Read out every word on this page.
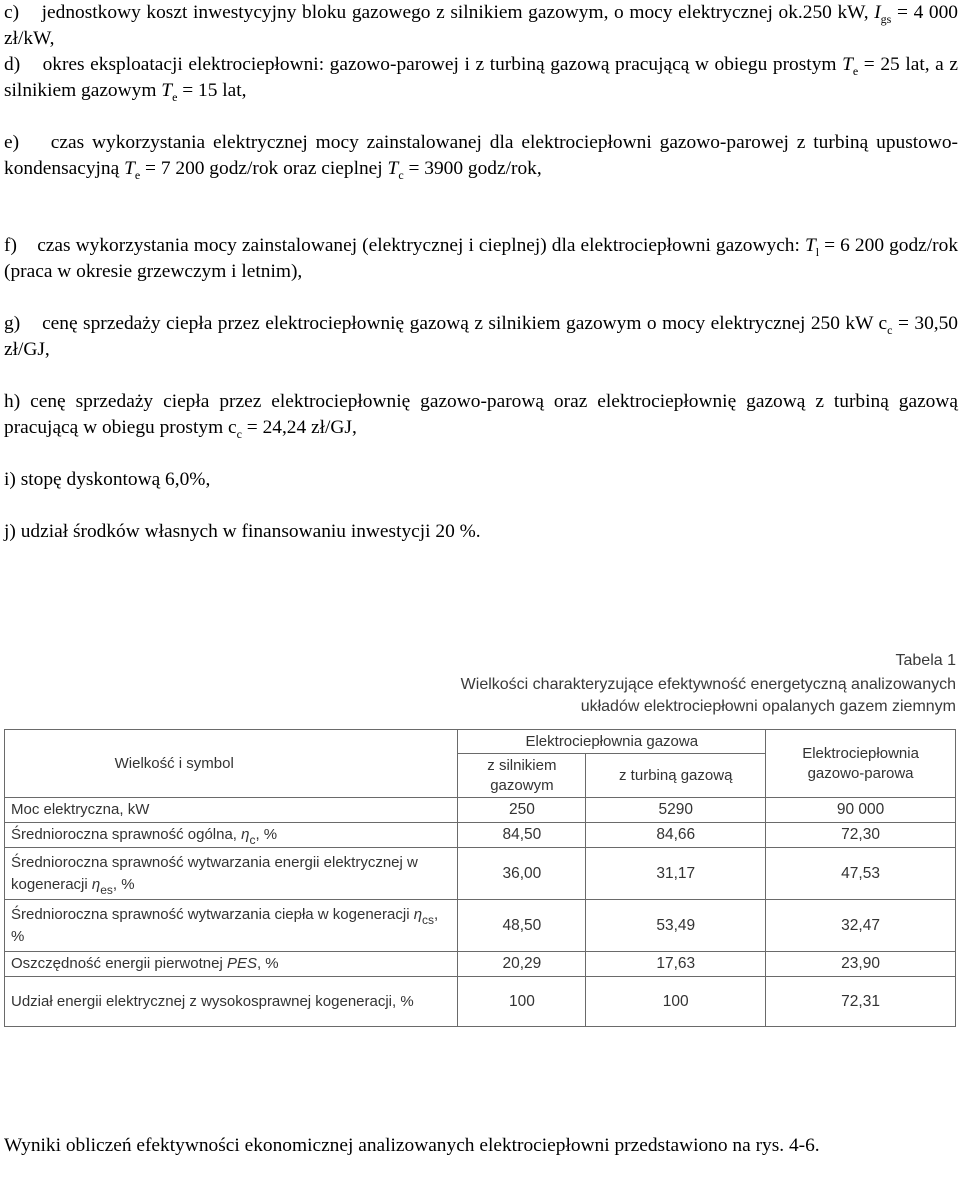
c) jednostkowy koszt inwestycyjny bloku gazowego z silnikiem gazowym, o mocy elektrycznej ok.250 kW, $I_{gs} = 4$ 000 zł/kW,
d) okres eksploatacji elektrociepłowni: gazowo-parowej i z turbiną gazową pracującą w obiegu prostym $T_e = 25$ lat, a z silnikiem gazowym $T_e = 15$ lat,
e) czas wykorzystania elektrycznej mocy zainstalowanej dla elektrociepłowni gazowo-parowej z turbiną upustowo-kondensacyjną $T_e = 7$ 200 godz/rok oraz cieplnej $T_c = 3900$ godz/rok,
f) czas wykorzystania mocy zainstalowanej (elektrycznej i cieplnej) dla elektrociepłowni gazowych: $T_l = 6$ 200 godz/rok (praca w okresie grzewczym i letnim),
g) cenę sprzedaży ciepła przez elektrociepłownię gazową z silnikiem gazowym o mocy elektrycznej 250 kW $c_c = 30,50$ zł/GJ,
h) cenę sprzedaży ciepła przez elektrociepłownię gazowo-parową oraz elektrociepłownię gazową z turbiną gazową pracującą w obiegu prostym $c_c = 24,24$ zł/GJ,
i) stopę dyskontową 6,0%,
j) udział środków własnych w finansowaniu inwestycji 20 %.
Tabela 1
Wielkości charakteryzujące efektywność energetyczną analizowanych
układów elektrociepłowni opalanych gazem ziemnym
Wielkość i symbol	Elektrociepłownia gazowa		Elektrociepłownia gazowo-parowa
	z silnikiem gazowym	z turbiną gazową	
Moc elektryczna, kW	250	5290	90 000
Średnioroczna sprawność ogólna, $\eta_c$, %	84,50	84,66	72,30
Średnioroczna sprawność wytwarzania energii elektrycznej w kogeneracji $\eta_{es}$, %	36,00	31,17	47,53
Średnioroczna sprawność wytwarzania ciepła w kogeneracji $\eta_{cs}$, %	48,50	53,49	32,47
Oszczędność energii pierwotnej PES, %	20,29	17,63	23,90
Udział energii elektrycznej z wysokosprawnej kogeneracji, %	100	100	72,31
Wyniki obliczeń efektywności ekonomicznej analizowanych elektrociepłowni przedstawiono na rys. 4-6.
